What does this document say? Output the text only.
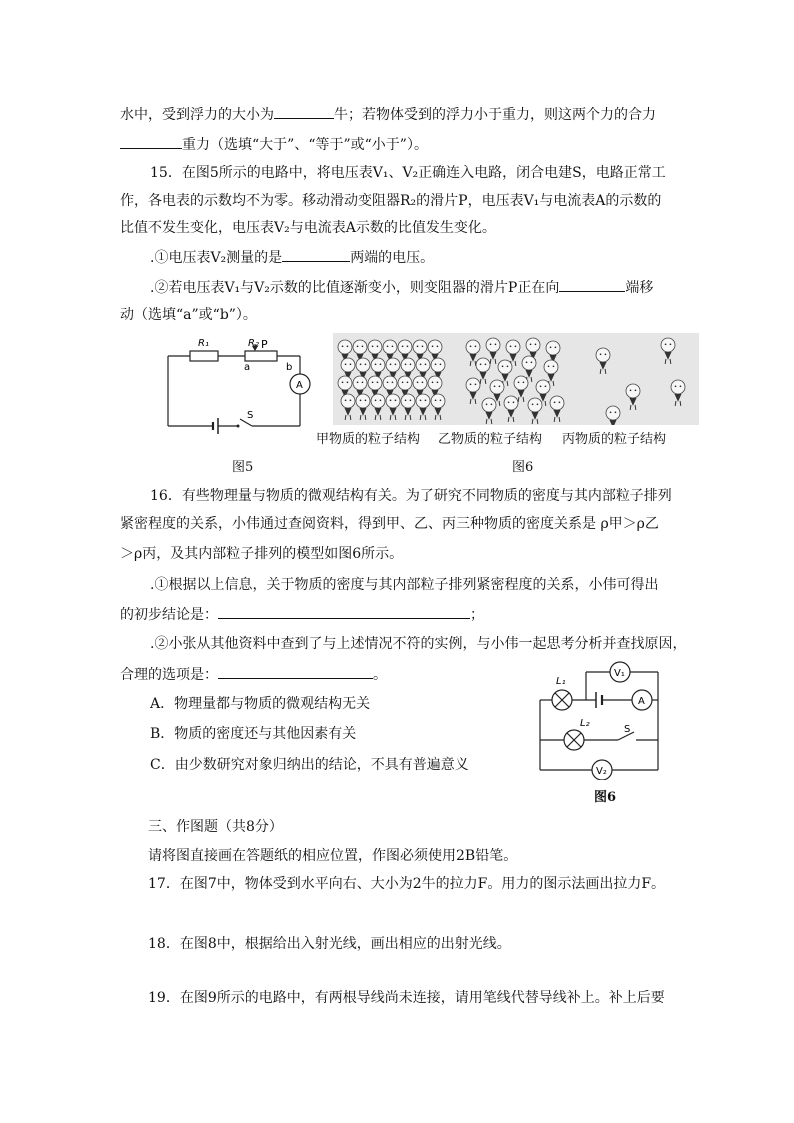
水中，受到浮力的大小为	牛；若物体受到的浮力小于重力，则这两个力的合力
重力（选填“大于”、“等于”或“小于”）。
15．在图5所示的电路中，将电压表V₁、V₂正确连入电路，闭合电建S，电路正常工
作，各电表的示数均不为零。移动滑动变阻器R₂的滑片P，电压表V₁与电流表A的示数的
比值不发生变化，电压表V₂与电流表A示数的比值发生变化。
.①电压表V₂测量的是	两端的电压。
.②若电压表V₁与V₂示数的比值逐渐变小，则变阻器的滑片P正在向	端移
动（选填“a”或“b”）。
R₁	R₂ P
a	b
A
S
图5
甲物质的粒子结构 乙物质的粒子结构 丙物质的粒子结构
图6
16．有些物理量与物质的微观结构有关。为了研究不同物质的密度与其内部粒子排列
紧密程度的关系，小伟通过查阅资料，得到甲、乙、丙三种物质的密度关系是 ρ甲＞ρ乙
＞ρ丙，及其内部粒子排列的模型如图6所示。
.①根据以上信息，关于物质的密度与其内部粒子排列紧密程度的关系，小伟可得出
的初步结论是：	；
.②小张从其他资料中查到了与上述情况不符的实例，与小伟一起思考分析并查找原因，
合理的选项是：	。
A．物理量都与物质的微观结构无关
B．物质的密度还与其他因素有关
C．由少数研究对象归纳出的结论，不具有普遍意义
L₁
L₂
V₁
A
S
V₂
图6
三、作图题（共8分）
请将图直接画在答题纸的相应位置，作图必须使用2B铅笔。
17．在图7中，物体受到水平向右、大小为2牛的拉力F。用力的图示法画出拉力F。
18．在图8中，根据给出入射光线，画出相应的出射光线。
19．在图9所示的电路中，有两根导线尚未连接，请用笔线代替导线补上。补上后要
